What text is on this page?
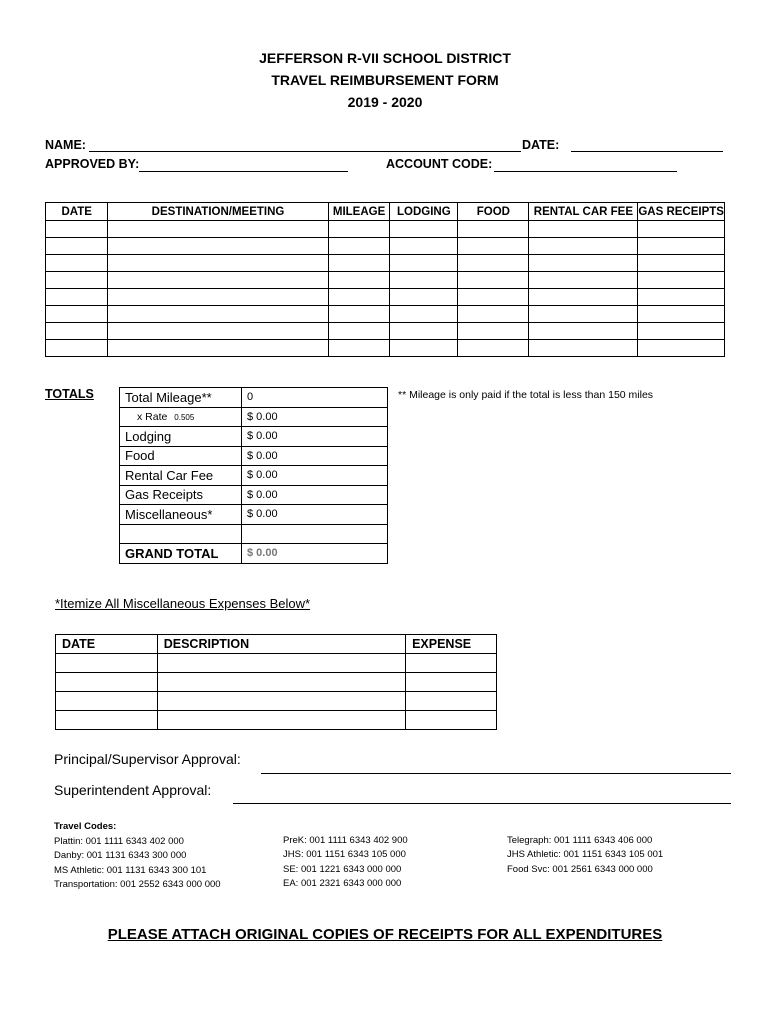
JEFFERSON R-VII SCHOOL DISTRICT
TRAVEL REIMBURSEMENT FORM
2019 - 2020
NAME:	DATE:
APPROVED BY:	ACCOUNT CODE:
DATE	DESTINATION/MEETING	MILEAGE	LODGING	FOOD	RENTAL CAR FEE	GAS RECEIPTS

TOTALS Total Mileage**	0
x Rate 0.505	$ 0.00
Lodging	$ 0.00
Food	$ 0.00
Rental Car Fee	$ 0.00
Gas Receipts	$ 0.00
Miscellaneous*	$ 0.00

GRAND TOTAL	$ 0.00
** Mileage is only paid if the total is less than 150 miles
*Itemize All Miscellaneous Expenses Below*
DATE	DESCRIPTION	EXPENSE

Principal/Supervisor Approval:
Superintendent Approval:
Travel Codes:
Plattin: 001 1111 6343 402 000
Danby: 001 1131 6343 300 000
MS Athletic: 001 1131 6343 300 101
Transportation: 001 2552 6343 000 000
PreK: 001 1111 6343 402 900
JHS: 001 1151 6343 105 000
SE: 001 1221 6343 000 000
EA: 001 2321 6343 000 000
Telegraph: 001 1111 6343 406 000
JHS Athletic: 001 1151 6343 105 001
Food Svc: 001 2561 6343 000 000
PLEASE ATTACH ORIGINAL COPIES OF RECEIPTS FOR ALL EXPENDITURES
